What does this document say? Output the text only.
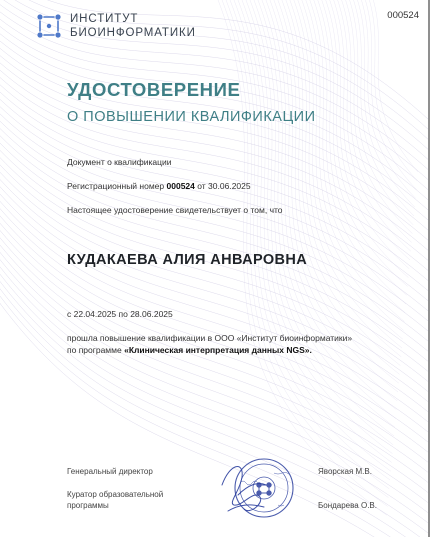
ИНСТИТУТ
БИОИНФОРМАТИКИ
000524
УДОСТОВЕРЕНИЕ
О ПОВЫШЕНИИ КВАЛИФИКАЦИИ
Документ о квалификации
Регистрационный номер 000524 от 30.06.2025
Настоящее удостоверение свидетельствует о том, что
КУДАКАЕВА АЛИЯ АНВАРОВНА
с 22.04.2025 по 28.06.2025
прошла повышение квалификации в ООО «Институт биоинформатики»
по программе «Клиническая интерпретация данных NGS».
Генеральный директор
Куратор образовательной программы
Яворская М.В.
Бондарева О.В.
